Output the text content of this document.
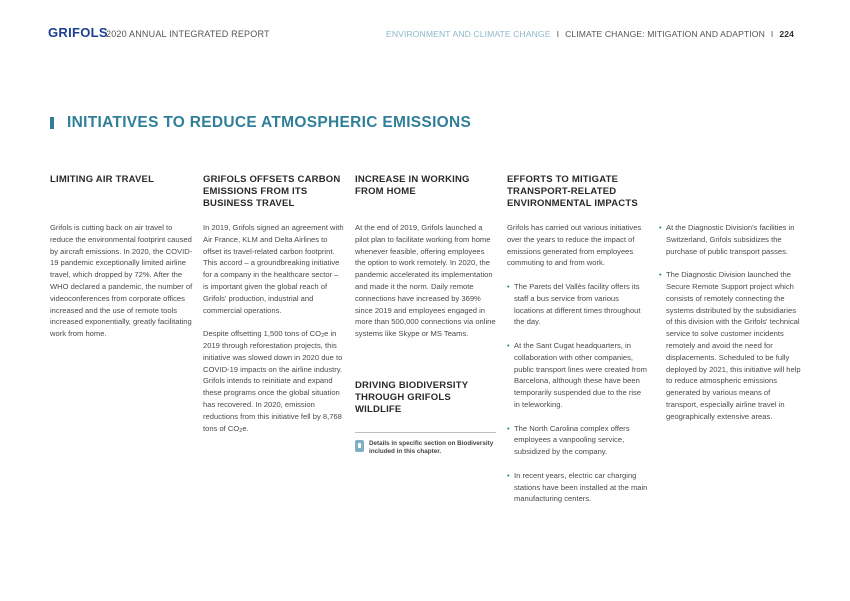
GRIFOLS
2020 ANNUAL INTEGRATED REPORT	ENVIRONMENT AND CLIMATE CHANGE I CLIMATE CHANGE: MITIGATION AND ADAPTION I 224
INITIATIVES TO REDUCE ATMOSPHERIC EMISSIONS
LIMITING AIR TRAVEL

Grifols is cutting back on air travel to reduce the environmental footprint caused by aircraft emissions. In 2020, the COVID-19 pandemic exceptionally limited airline travel, which dropped by 72%. After the WHO declared a pandemic, the number of videoconferences from corporate offices increased and the use of remote tools increased exponentially, greatly facilitating work from home.

GRIFOLS OFFSETS CARBON EMISSIONS FROM ITS BUSINESS TRAVEL

In 2019, Grifols signed an agreement with Air France, KLM and Delta Airlines to offset its travel-related carbon footprint. This accord – a groundbreaking initiative for a company in the healthcare sector – is important given the global reach of Grifols' production, industrial and commercial operations.

Despite offsetting 1,500 tons of $CO_2e$ in 2019 through reforestation projects, this initiative was slowed down in 2020 due to COVID-19 impacts on the airline industry. Grifols intends to reinitiate and expand these programs once the global situation has recovered. In 2020, emission reductions from this initiative fell by 8,768 tons of $CO_2e$.

INCREASE IN WORKING FROM HOME

At the end of 2019, Grifols launched a pilot plan to facilitate working from home whenever feasible, offering employees the option to work remotely. In 2020, the pandemic accelerated its implementation and made it the norm. Daily remote connections have increased by 369% since 2019 and employees engaged in more than 500,000 connections via online systems like Skype or MS Teams.

DRIVING BIODIVERSITY THROUGH GRIFOLS WILDLIFE
Details in specific section on Biodiversity included in this chapter.
EFFORTS TO MITIGATE TRANSPORT-RELATED ENVIRONMENTAL IMPACTS

Grifols has carried out various initiatives over the years to reduce the impact of emissions generated from employees commuting to and from work.

• The Parets del Vallès facility offers its staff a bus service from various locations at different times throughout the day.
• At the Sant Cugat headquarters, in collaboration with other companies, public transport lines were created from Barcelona, although these have been temporarily suspended due to the rise in teleworking.
• The North Carolina complex offers employees a vanpooling service, subsidized by the company.
• In recent years, electric car charging stations have been installed at the main manufacturing centers.
• At the Diagnostic Division's facilities in Switzerland, Grifols subsidizes the purchase of public transport passes.
• The Diagnostic Division launched the Secure Remote Support project which consists of remotely connecting the systems distributed by the subsidiaries of this division with the Grifols' technical service to solve customer incidents remotely and avoid the need for displacements. Scheduled to be fully deployed by 2021, this initiative will help to reduce atmospheric emissions generated by various means of transport, especially airline travel in geographically extensive areas.
